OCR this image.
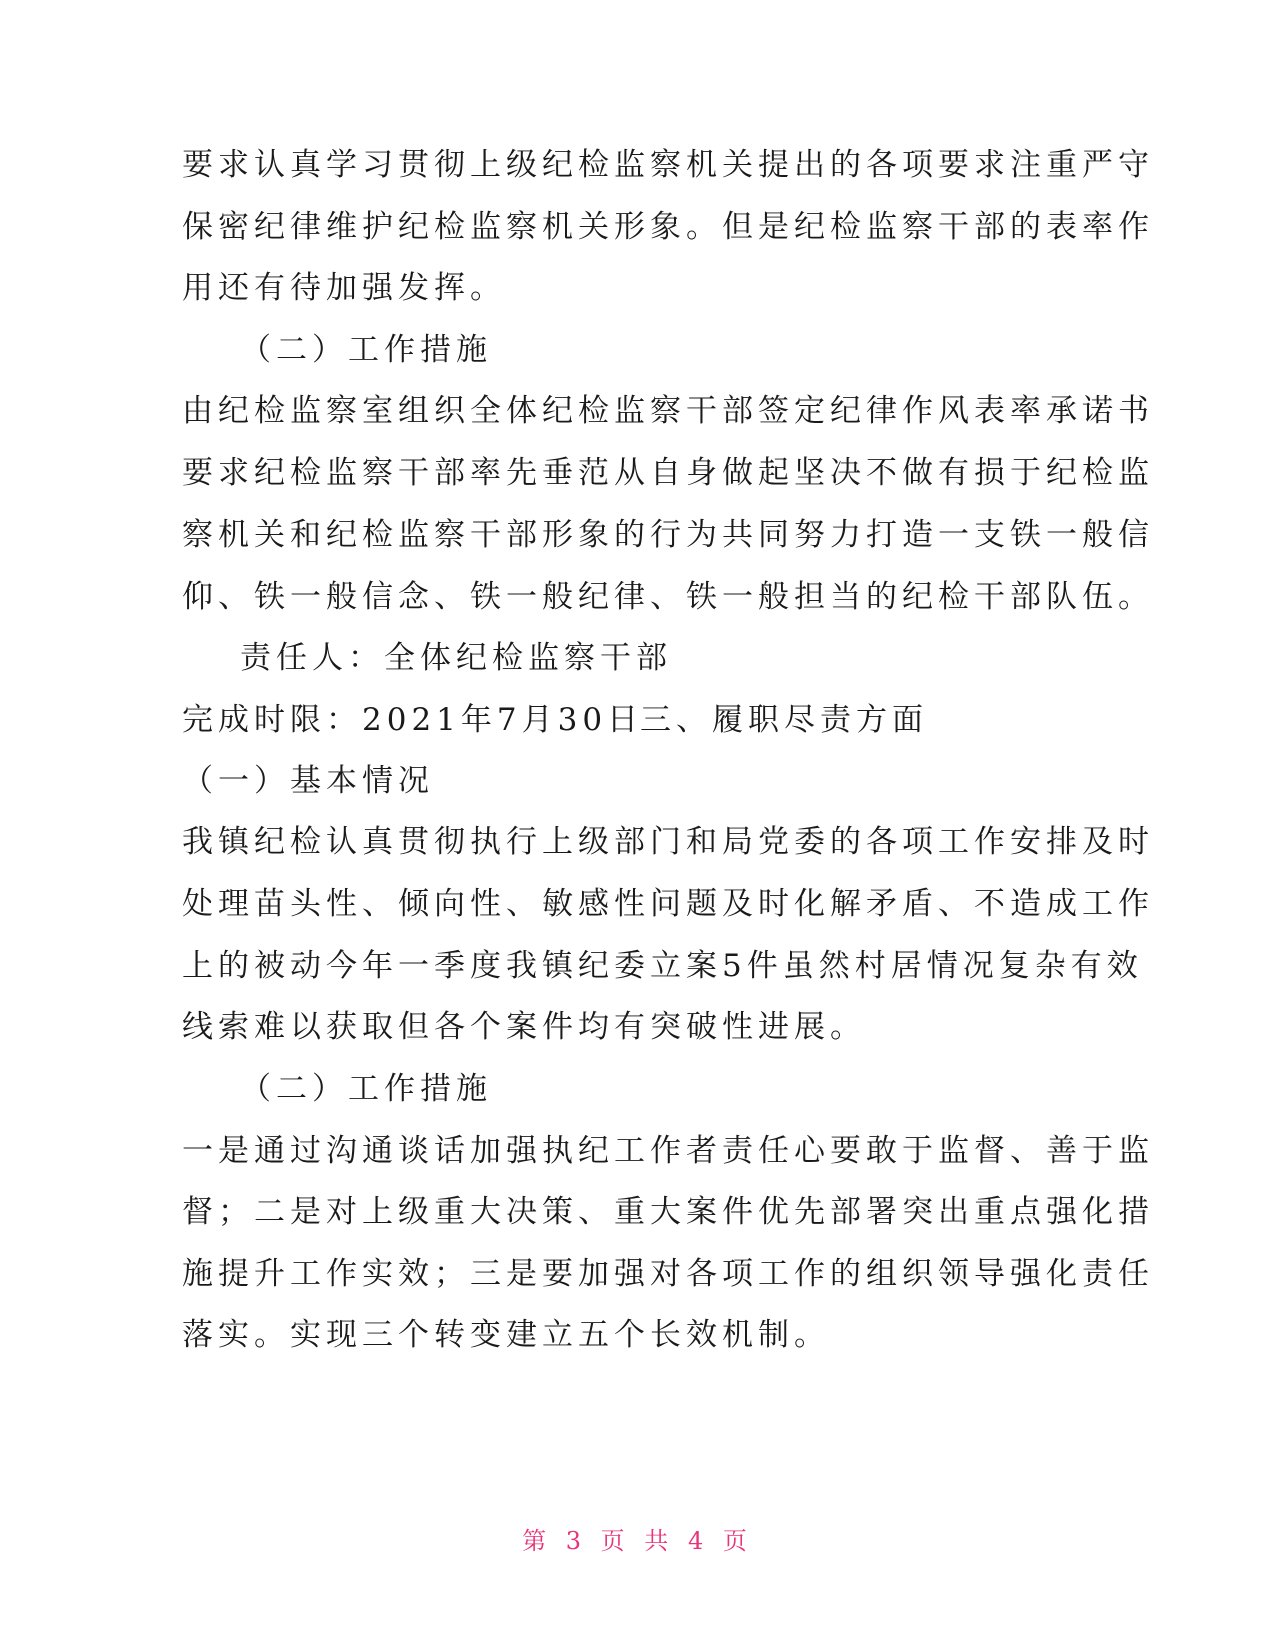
要求认真学习贯彻上级纪检监察机关提出的各项要求注重严守
保密纪律维护纪检监察机关形象。但是纪检监察干部的表率作
用还有待加强发挥。
（二）工作措施
由纪检监察室组织全体纪检监察干部签定纪律作风表率承诺书
要求纪检监察干部率先垂范从自身做起坚决不做有损于纪检监
察机关和纪检监察干部形象的行为共同努力打造一支铁一般信
仰、铁一般信念、铁一般纪律、铁一般担当的纪检干部队伍。
责任人：全体纪检监察干部
完成时限：2021年7月30日
三、履职尽责方面
（一）基本情况
我镇纪检认真贯彻执行上级部门和局党委的各项工作安排及时
处理苗头性、倾向性、敏感性问题及时化解矛盾、不造成工作
上的被动今年一季度我镇纪委立案5件虽然村居情况复杂有效
线索难以获取但各个案件均有突破性进展。
（二）工作措施
一是通过沟通谈话加强执纪工作者责任心要敢于监督、善于监
督；二是对上级重大决策、重大案件优先部署突出重点强化措
施提升工作实效；三是要加强对各项工作的组织领导强化责任
落实。实现三个转变建立五个长效机制。
第 3 页 共 4 页
